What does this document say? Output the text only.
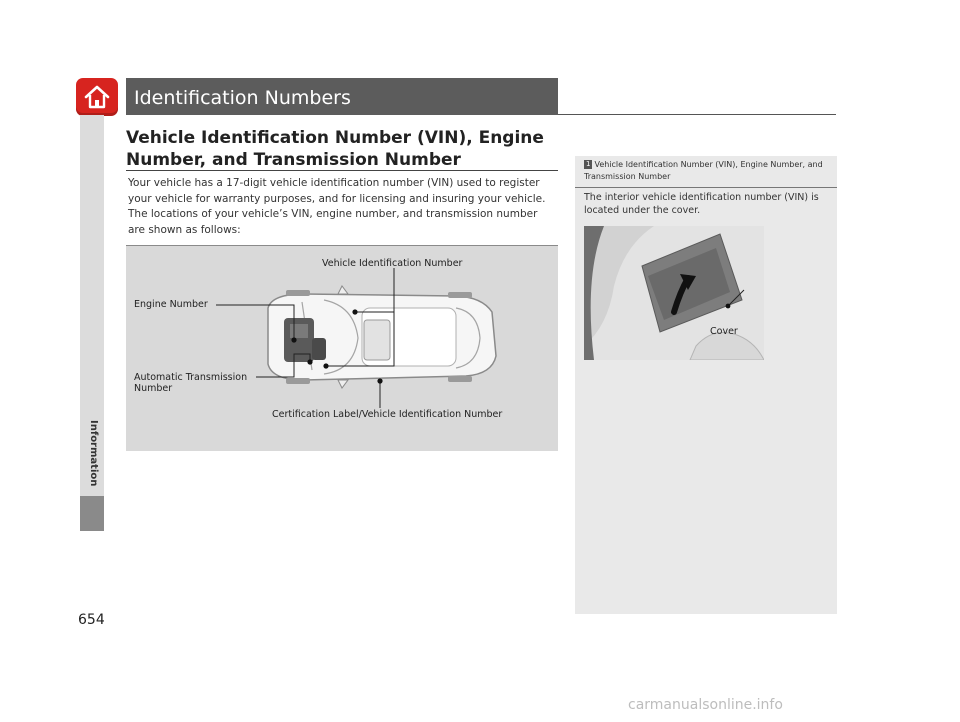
Information
654
Identification Numbers
Vehicle Identification Number (VIN), Engine Number, and Transmission Number

Your vehicle has a 17-digit vehicle identification number (VIN) used to register your vehicle for warranty purposes, and for licensing and insuring your vehicle.

The locations of your vehicle’s VIN, engine number, and transmission number are shown as follows:

Vehicle Identification Number
Engine Number
Automatic Transmission
Number
Certification Label/Vehicle Identification Number
1 Vehicle Identification Number (VIN), Engine Number, and Transmission Number
The interior vehicle identification number (VIN) is located under the cover.
Cover
carmanualsonline.info
